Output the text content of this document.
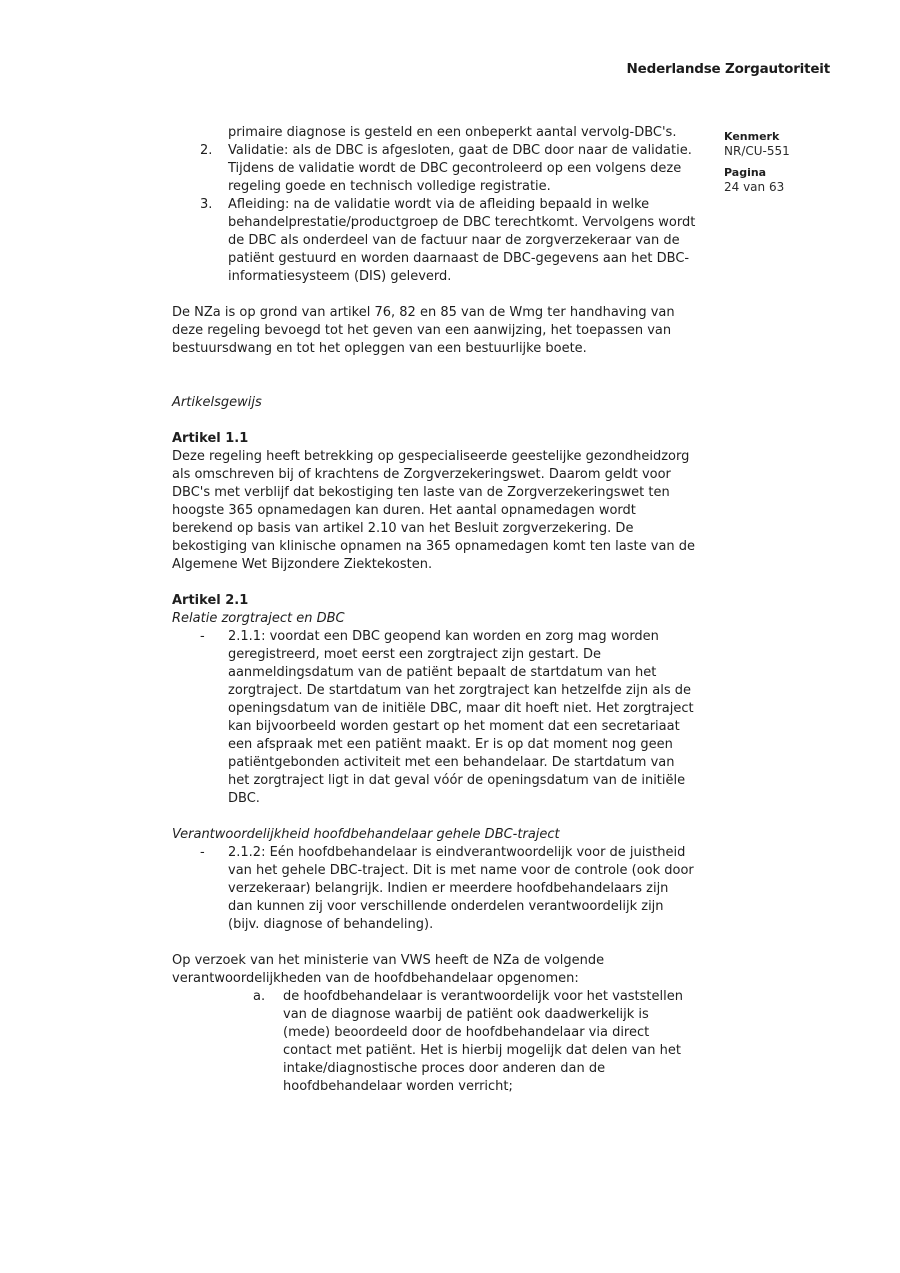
Nederlandse Zorgautoriteit
Kenmerk
NR/CU-551
Pagina
24 van 63
primaire diagnose is gesteld en een onbeperkt aantal vervolg-DBC's.
2.	Validatie: als de DBC is afgesloten, gaat de DBC door naar de validatie. Tijdens de validatie wordt de DBC gecontroleerd op een volgens deze regeling goede en technisch volledige registratie.
3.	Afleiding: na de validatie wordt via de afleiding bepaald in welke behandelprestatie/productgroep de DBC terechtkomt. Vervolgens wordt de DBC als onderdeel van de factuur naar de zorgverzekeraar van de patiënt gestuurd en worden daarnaast de DBC-gegevens aan het DBC-informatiesysteem (DIS) geleverd.

De NZa is op grond van artikel 76, 82 en 85 van de Wmg ter handhaving van deze regeling bevoegd tot het geven van een aanwijzing, het toepassen van bestuursdwang en tot het opleggen van een bestuurlijke boete.

Artikelsgewijs
Artikel 1.1

Deze regeling heeft betrekking op gespecialiseerde geestelijke gezondheidzorg als omschreven bij of krachtens de Zorgverzekeringswet. Daarom geldt voor DBC's met verblijf dat bekostiging ten laste van de Zorgverzekeringswet ten hoogste 365 opnamedagen kan duren. Het aantal opnamedagen wordt berekend op basis van artikel 2.10 van het Besluit zorgverzekering. De bekostiging van klinische opnamen na 365 opnamedagen komt ten laste van de Algemene Wet Bijzondere Ziektekosten.

Artikel 2.1
Relatie zorgtraject en DBC
-	2.1.1: voordat een DBC geopend kan worden en zorg mag worden geregistreerd, moet eerst een zorgtraject zijn gestart. De aanmeldingsdatum van de patiënt bepaalt de startdatum van het zorgtraject. De startdatum van het zorgtraject kan hetzelfde zijn als de openingsdatum van de initiële DBC, maar dit hoeft niet. Het zorgtraject kan bijvoorbeeld worden gestart op het moment dat een secretariaat een afspraak met een patiënt maakt. Er is op dat moment nog geen patiëntgebonden activiteit met een behandelaar. De startdatum van het zorgtraject ligt in dat geval vóór de openingsdatum van de initiële DBC.
Verantwoordelijkheid hoofdbehandelaar gehele DBC-traject
-	2.1.2: Eén hoofdbehandelaar is eindverantwoordelijk voor de juistheid van het gehele DBC-traject. Dit is met name voor de controle (ook door verzekeraar) belangrijk. Indien er meerdere hoofdbehandelaars zijn dan kunnen zij voor verschillende onderdelen verantwoordelijk zijn (bijv. diagnose of behandeling).

Op verzoek van het ministerie van VWS heeft de NZa de volgende verantwoordelijkheden van de hoofdbehandelaar opgenomen:

a.	de hoofdbehandelaar is verantwoordelijk voor het vaststellen van de diagnose waarbij de patiënt ook daadwerkelijk is (mede) beoordeeld door de hoofdbehandelaar via direct contact met patiënt. Het is hierbij mogelijk dat delen van het intake/diagnostische proces door anderen dan de hoofdbehandelaar worden verricht;
